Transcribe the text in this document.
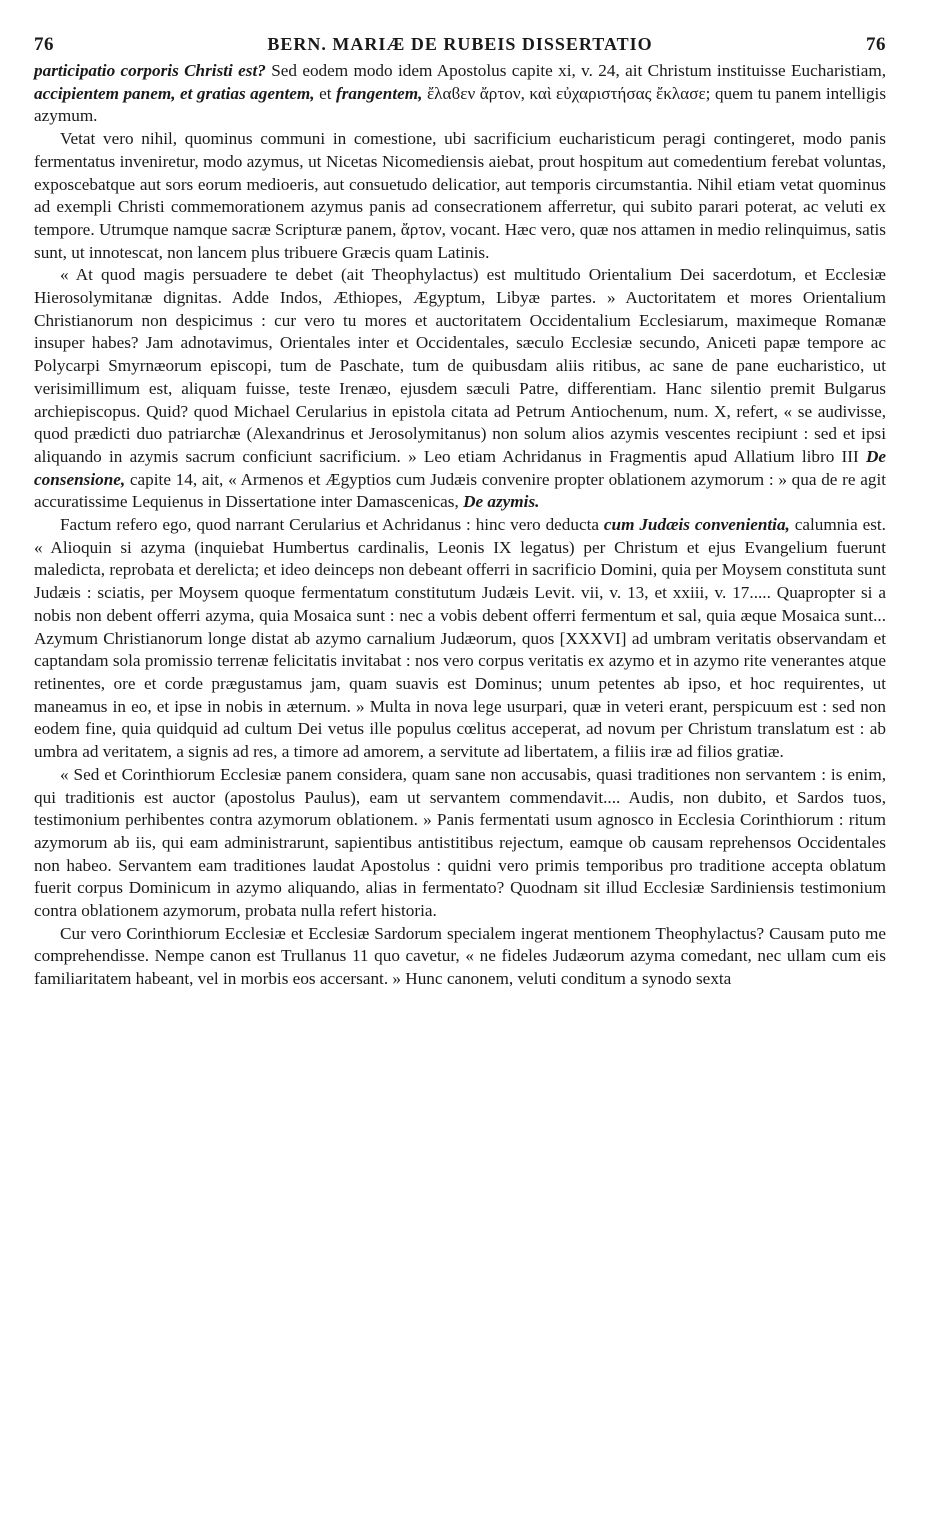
76	BERN. MARIÆ DE RUBEIS DISSERTATIO	76

participatio corporis Christi est? Sed eodem modo idem Apostolus capite xi, v. 24, ait Christum instituisse Eucharistiam, accipientem panem, et gratias agentem, et frangentem, ἔλαϐεν ἄρτον, καὶ εὐχαριστήσας ἔκλασε; quem tu panem intelligis azymum.

Vetat vero nihil, quominus communi in comestione, ubi sacrificium eucharisticum peragi contingeret, modo panis fermentatus inveniretur, modo azymus, ut Nicetas Nicomediensis aiebat, prout hospitum aut comedentium ferebat voluntas, exposcebatque aut sors eorum medioeris, aut consuetudo delicatior, aut temporis circumstantia. Nihil etiam vetat quominus ad exempli Christi commemorationem azymus panis ad consecrationem afferretur, qui subito parari poterat, ac veluti ex tempore. Utrumque namque sacræ Scripturæ panem, ἄρτον, vocant. Hæc vero, quæ nos attamen in medio relinquimus, satis sunt, ut innotescat, non lancem plus tribuere Græcis quam Latinis.

« At quod magis persuadere te debet (ait Theophylactus) est multitudo Orientalium Dei sacerdotum, et Ecclesiæ Hierosolymitanæ dignitas. Adde Indos, Æthiopes, Ægyptum, Libyæ partes. » Auctoritatem et mores Orientalium Christianorum non despicimus : cur vero tu mores et auctoritatem Occidentalium Ecclesiarum, maximeque Romanæ insuper habes? Jam adnotavimus, Orientales inter et Occidentales, sæculo Ecclesiæ secundo, Aniceti papæ tempore ac Polycarpi Smyrnæorum episcopi, tum de Paschate, tum de quibusdam aliis ritibus, ac sane de pane eucharistico, ut verisimillimum est, aliquam fuisse, teste Irenæo, ejusdem sæculi Patre, differentiam. Hanc silentio premit Bulgarus archiepiscopus. Quid? quod Michael Cerularius in epistola citata ad Petrum Antiochenum, num. X, refert, « se audivisse, quod prædicti duo patriarchæ (Alexandrinus et Jerosolymitanus) non solum alios azymis vescentes recipiunt : sed et ipsi aliquando in azymis sacrum conficiunt sacrificium. » Leo etiam Achridanus in Fragmentis apud Allatium libro III De consensione, capite 14, ait, « Armenos et Ægyptios cum Judæis convenire propter oblationem azymorum : » qua de re agit accuratissime Lequienus in Dissertatione inter Damascenicas, De azymis.

Factum refero ego, quod narrant Cerularius et Achridanus : hinc vero deducta cum Judæis convenientia, calumnia est. « Alioquin si azyma (inquiebat Humbertus cardinalis, Leonis IX legatus) per Christum et ejus Evangelium fuerunt maledicta, reprobata et derelicta; et ideo deinceps non debeant offerri in sacrificio Domini, quia per Moysem constituta sunt Judæis : sciatis, per Moysem quoque fermentatum constitutum Judæis Levit. vii, v. 13, et xxiii, v. 17..... Quapropter si a nobis non debent offerri azyma, quia Mosaica sunt : nec a vobis debent offerri fermentum et sal, quia æque Mosaica sunt... Azymum Christianorum longe distat ab azymo carnalium Judæorum, quos [XXXVI] ad umbram veritatis observandam et captandam sola promissio terrenæ felicitatis invitabat : nos vero corpus veritatis ex azymo et in azymo rite venerantes atque retinentes, ore et corde prægustamus jam, quam suavis est Dominus; unum petentes ab ipso, et hoc requirentes, ut maneamus in eo, et ipse in nobis in æternum. » Multa in nova lege usurpari, quæ in veteri erant, perspicuum est : sed non eodem fine, quia quidquid ad cultum Dei vetus ille populus cœlitus acceperat, ad novum per Christum translatum est : ab umbra ad veritatem, a signis ad res, a timore ad amorem, a servitute ad libertatem, a filiis iræ ad filios gratiæ.

« Sed et Corinthiorum Ecclesiæ panem considera, quam sane non accusabis, quasi traditiones non servantem : is enim, qui traditionis est auctor (apostolus Paulus), eam ut servantem commendavit.... Audis, non dubito, et Sardos tuos, testimonium perhibentes contra azymorum oblationem. » Panis fermentati usum agnosco in Ecclesia Corinthiorum : ritum azymorum ab iis, qui eam administrarunt, sapientibus antistitibus rejectum, eamque ob causam reprehensos Occidentales non habeo. Servantem eam traditiones laudat Apostolus : quidni vero primis temporibus pro traditione accepta oblatum fuerit corpus Dominicum in azymo aliquando, alias in fermentato? Quodnam sit illud Ecclesiæ Sardiniensis testimonium contra oblationem azymorum, probata nulla refert historia.

Cur vero Corinthiorum Ecclesiæ et Ecclesiæ Sardorum specialem ingerat mentionem Theophylactus? Causam puto me comprehendisse. Nempe canon est Trullanus 11 quo cavetur, « ne fideles Judæorum azyma comedant, nec ullam cum eis familiaritatem habeant, vel in morbis eos accersant. » Hunc canonem, veluti conditum a synodo sexta
